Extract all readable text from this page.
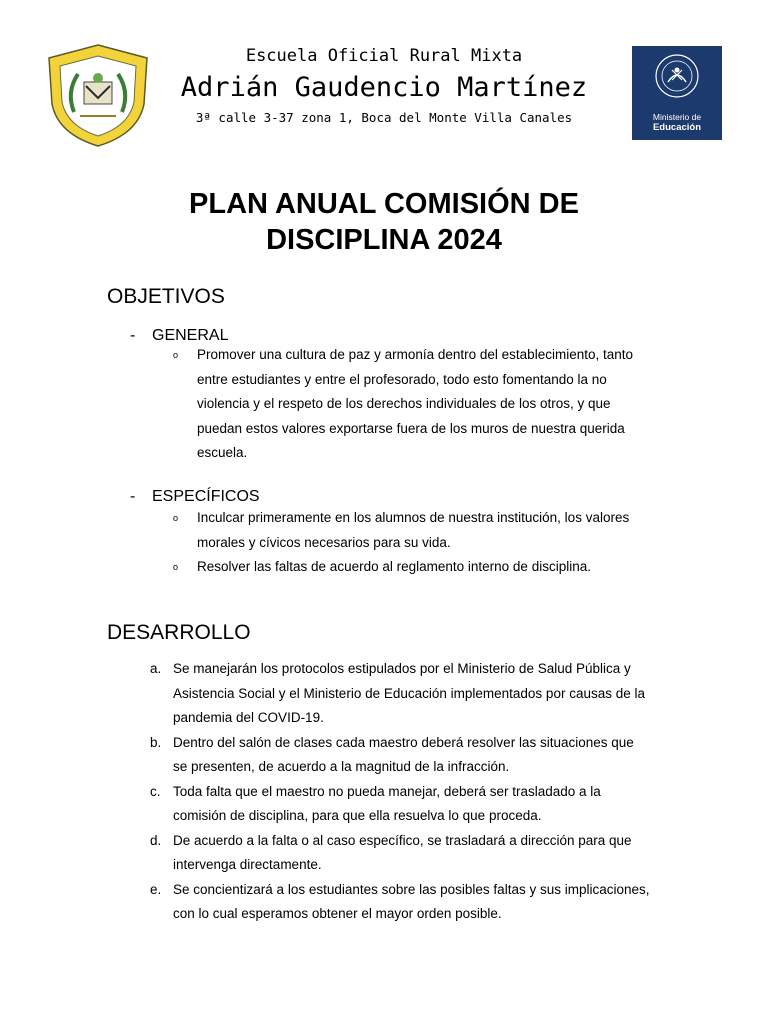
Escuela Oficial Rural Mixta
Adrián Gaudencio Martínez
3ª calle 3-37 zona 1, Boca del Monte Villa Canales	Ministerio de
Educación
PLAN ANUAL COMISIÓN DE
DISCIPLINA 2024
OBJETIVOS
- GENERAL
o Promover una cultura de paz y armonía dentro del establecimiento, tanto
entre estudiantes y entre el profesorado, todo esto fomentando la no
violencia y el respeto de los derechos individuales de los otros, y que
puedan estos valores exportarse fuera de los muros de nuestra querida
escuela.
- ESPECÍFICOS
o Inculcar primeramente en los alumnos de nuestra institución, los valores
morales y cívicos necesarios para su vida.
o Resolver las faltas de acuerdo al reglamento interno de disciplina.
DESARROLLO
a. Se manejarán los protocolos estipulados por el Ministerio de Salud Pública y
Asistencia Social y el Ministerio de Educación implementados por causas de la
pandemia del COVID-19.
b. Dentro del salón de clases cada maestro deberá resolver las situaciones que
se presenten, de acuerdo a la magnitud de la infracción.
c. Toda falta que el maestro no pueda manejar, deberá ser trasladado a la
comisión de disciplina, para que ella resuelva lo que proceda.
d. De acuerdo a la falta o al caso específico, se trasladará a dirección para que
intervenga directamente.
e. Se concientizará a los estudiantes sobre las posibles faltas y sus implicaciones,
con lo cual esperamos obtener el mayor orden posible.
